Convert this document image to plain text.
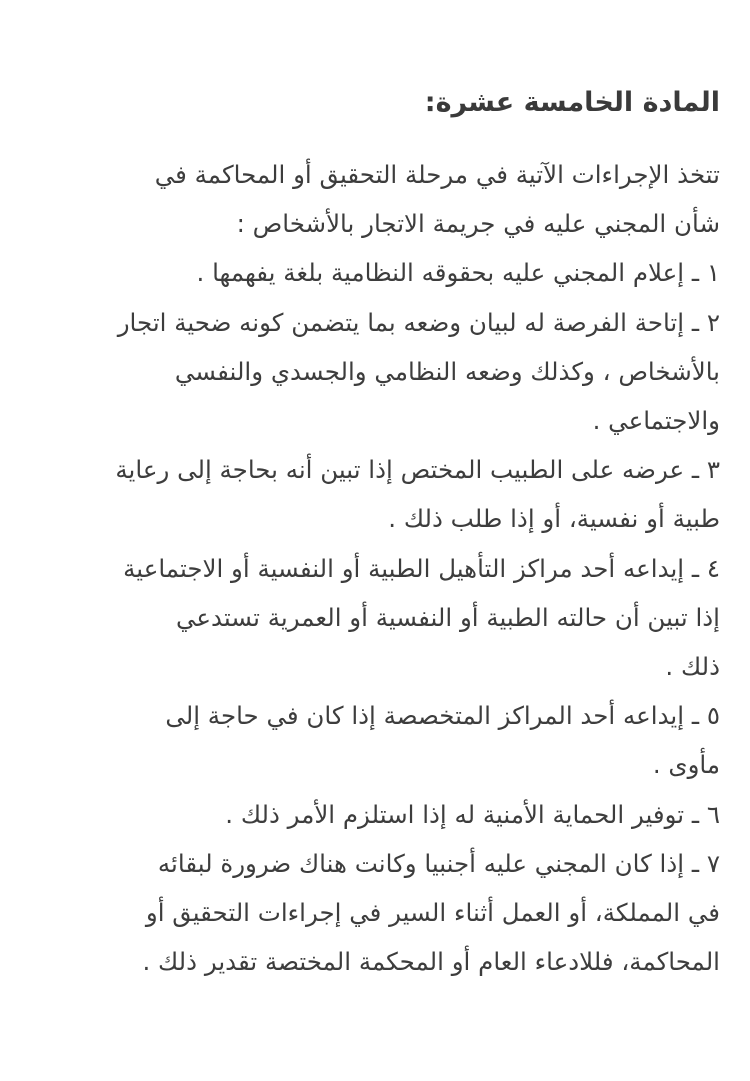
المادة الخامسة عشرة:
تتخذ الإجراءات الآتية في مرحلة التحقيق أو المحاكمة في
شأن المجني عليه في جريمة الاتجار بالأشخاص :
١ ـ إعلام المجني عليه بحقوقه النظامية بلغة يفهمها .
٢ ـ إتاحة الفرصة له لبيان وضعه بما يتضمن كونه ضحية اتجار
بالأشخاص ، وكذلك وضعه النظامي والجسدي والنفسي
والاجتماعي .
٣ ـ عرضه على الطبيب المختص إذا تبين أنه بحاجة إلى رعاية
طبية أو نفسية، أو إذا طلب ذلك .
٤ ـ إيداعه أحد مراكز التأهيل الطبية أو النفسية أو الاجتماعية
إذا تبين أن حالته الطبية أو النفسية أو العمرية تستدعي
ذلك .
٥ ـ إيداعه أحد المراكز المتخصصة إذا كان في حاجة إلى
مأوى .
٦ ـ توفير الحماية الأمنية له إذا استلزم الأمر ذلك .
٧ ـ إذا كان المجني عليه أجنبيا وكانت هناك ضرورة لبقائه
في المملكة، أو العمل أثناء السير في إجراءات التحقيق أو
المحاكمة، فللادعاء العام أو المحكمة المختصة تقدير ذلك .
